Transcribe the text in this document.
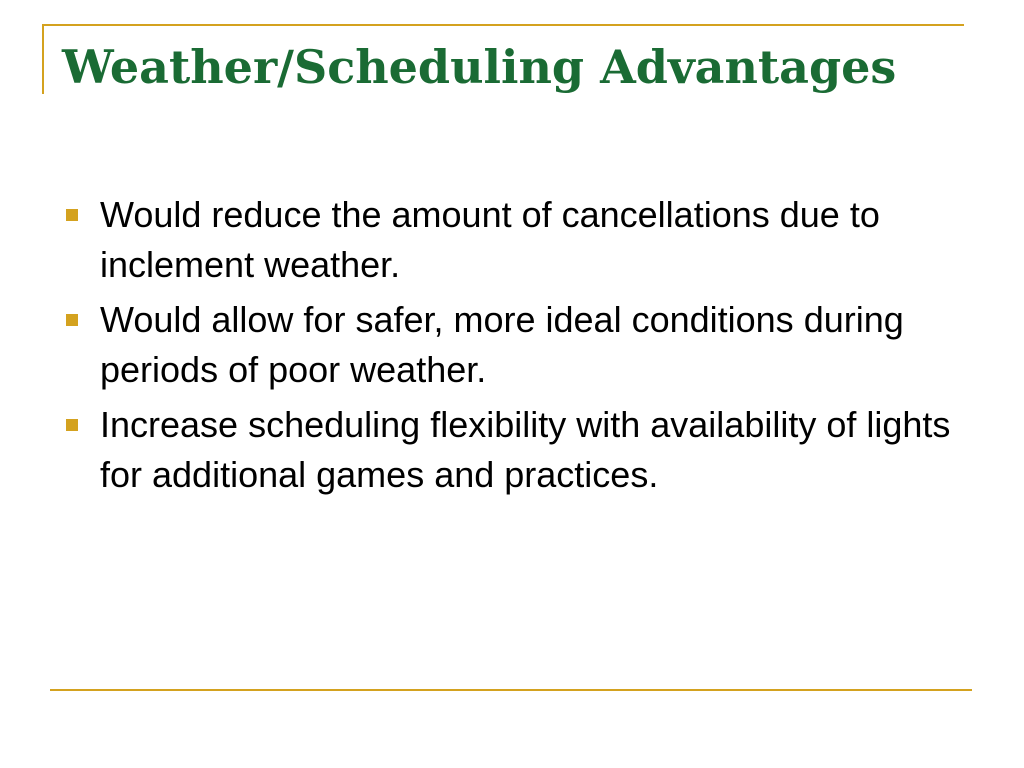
Weather/Scheduling Advantages
Would reduce the amount of cancellations due to inclement weather.
Would allow for safer, more ideal conditions during periods of poor weather.
Increase scheduling flexibility with availability of lights for additional games and practices.
